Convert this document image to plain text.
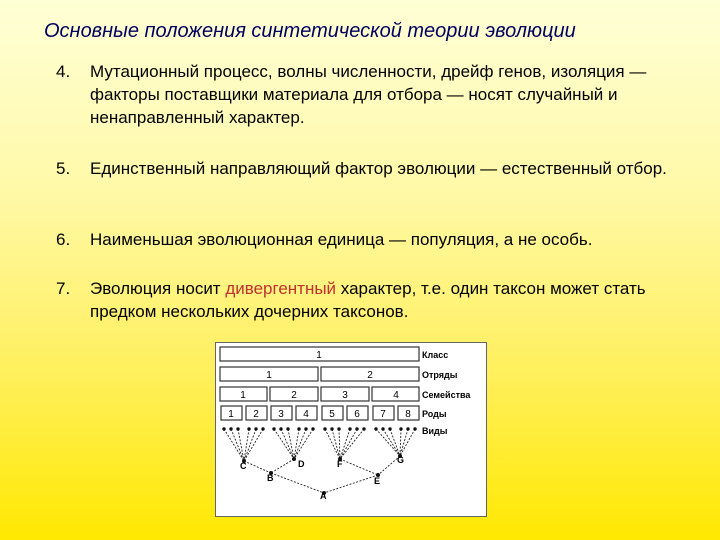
Основные положения синтетической теории эволюции
4.	Мутационный процесс, волны численности, дрейф генов, изоляция — факторы поставщики материала для отбора — носят случайный и ненаправленный характер.
5.	Единственный направляющий фактор эволюции — естественный отбор.
6.	Наименьшая эволюционная единица — популяция, а не особь.
7.	Эволюция носит дивергентный характер, т.е. один таксон может стать предком нескольких дочерних таксонов.
1
1	2
1	2	3	4
1 2 3 4 5 6 7 8
Класс
Отряды
Семейства
Роды
Виды
C	D
B
F	G
E
A
